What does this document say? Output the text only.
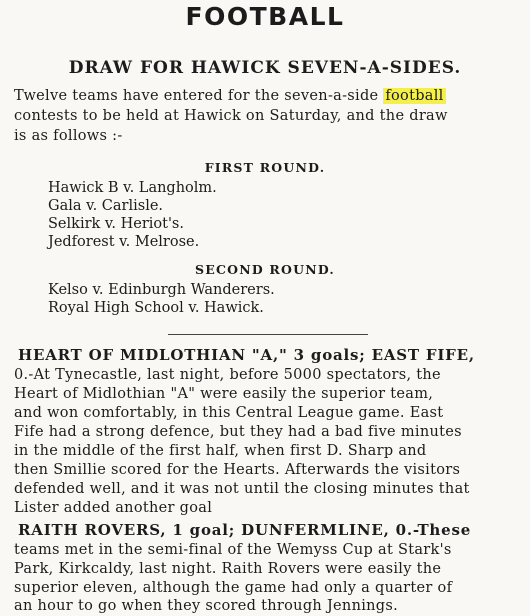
FOOTBALL
DRAW FOR HAWICK SEVEN-A-SIDES.
Twelve teams have entered for the seven-a-side football
contests to be held at Hawick on Saturday, and the draw
is as follows :-
FIRST ROUND.
Hawick B v. Langholm.
Gala v. Carlisle.
Selkirk v. Heriot's.
Jedforest v. Melrose.
SECOND ROUND.
Kelso v. Edinburgh Wanderers.
Royal High School v. Hawick.
HEART OF MIDLOTHIAN "A," 3 goals; EAST FIFE,
0.-At Tynecastle, last night, before 5000 spectators, the
Heart of Midlothian "A" were easily the superior team,
and won comfortably, in this Central League game. East
Fife had a strong defence, but they had a bad five minutes
in the middle of the first half, when first D. Sharp and
then Smillie scored for the Hearts. Afterwards the visitors
defended well, and it was not until the closing minutes that
Lister added another goal
RAITH ROVERS, 1 goal; DUNFERMLINE, 0.-These
teams met in the semi-final of the Wemyss Cup at Stark's
Park, Kirkcaldy, last night. Raith Rovers were easily the
superior eleven, although the game had only a quarter of
an hour to go when they scored through Jennings.
